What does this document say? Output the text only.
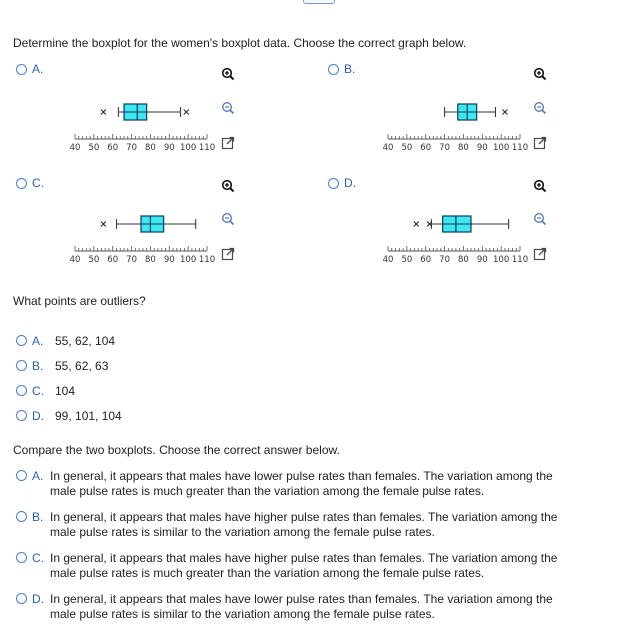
Determine the boxplot for the women's boxplot data. Choose the correct graph below.
A.
40 50 60 70 80 90 100 110
B.
40 50 60 70 80 90 100 110
C.
40 50 60 70 80 90 100 110
D.
40 50 60 70 80 90 100 110
What points are outliers?
A. 55, 62, 104
B. 55, 62, 63
C. 104
D. 99, 101, 104
Compare the two boxplots. Choose the correct answer below.
A. In general, it appears that males have lower pulse rates than females. The variation among the
male pulse rates is much greater than the variation among the female pulse rates.
B. In general, it appears that males have higher pulse rates than females. The variation among the
male pulse rates is similar to the variation among the female pulse rates.
C. In general, it appears that males have higher pulse rates than females. The variation among the
male pulse rates is much greater than the variation among the female pulse rates.
D. In general, it appears that males have lower pulse rates than females. The variation among the
male pulse rates is similar to the variation among the female pulse rates.
